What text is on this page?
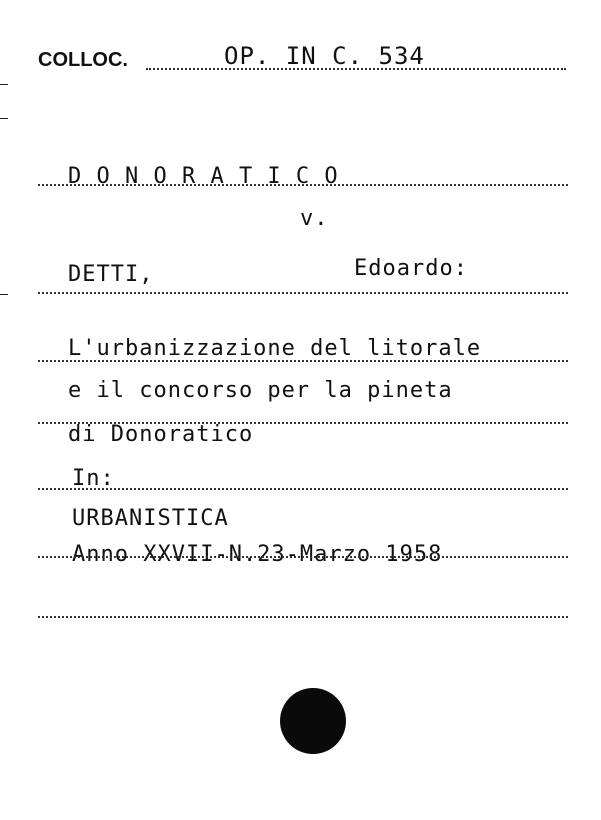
COLLOC.	OP. IN C. 534
D O N O R A T I C O
v.
DETTI,	Edoardo:
L'urbanizzazione del litorale
e il concorso per la pineta
di Donoratico
In:
URBANISTICA
Anno XXVII-N.23-Marzo 1958
